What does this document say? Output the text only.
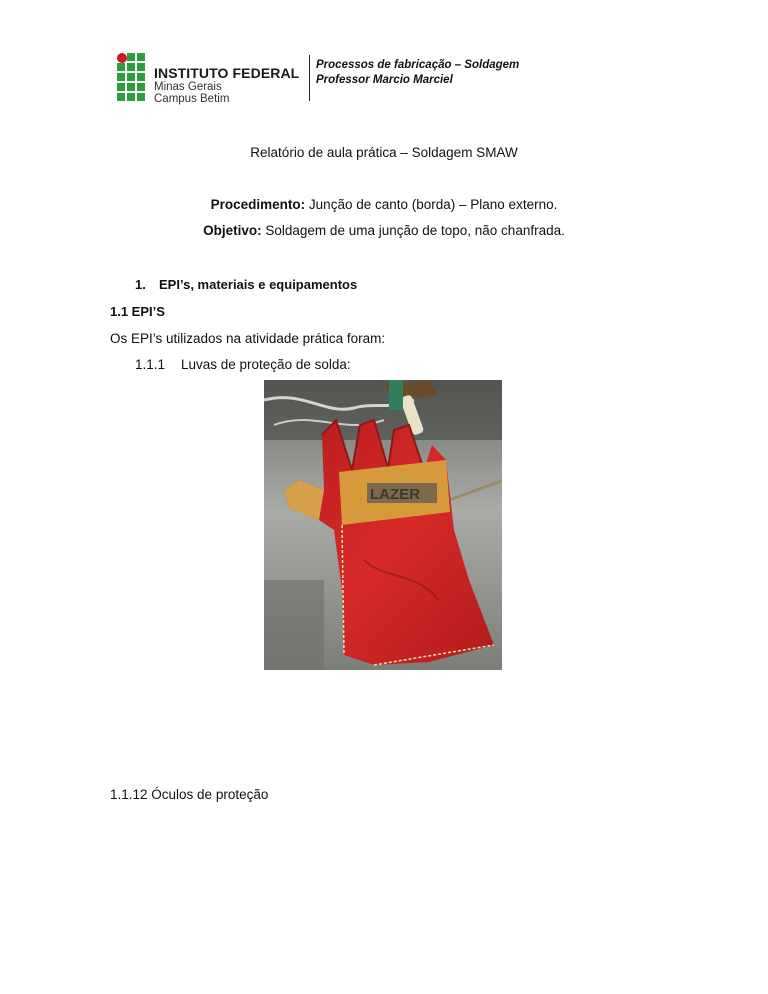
INSTITUTO FEDERAL
Minas Gerais
Campus Betim
Processos de fabricação – Soldagem
Professor Marcio Marciel
Relatório de aula prática – Soldagem SMAW
Procedimento: Junção de canto (borda) – Plano externo.
Objetivo: Soldagem de uma junção de topo, não chanfrada.
1. EPI’s, materiais e equipamentos
1.1 EPI’S
Os EPI’s utilizados na atividade prática foram:
1.1.1 Luvas de proteção de solda:
LAZER
1.1.12 Óculos de proteção
